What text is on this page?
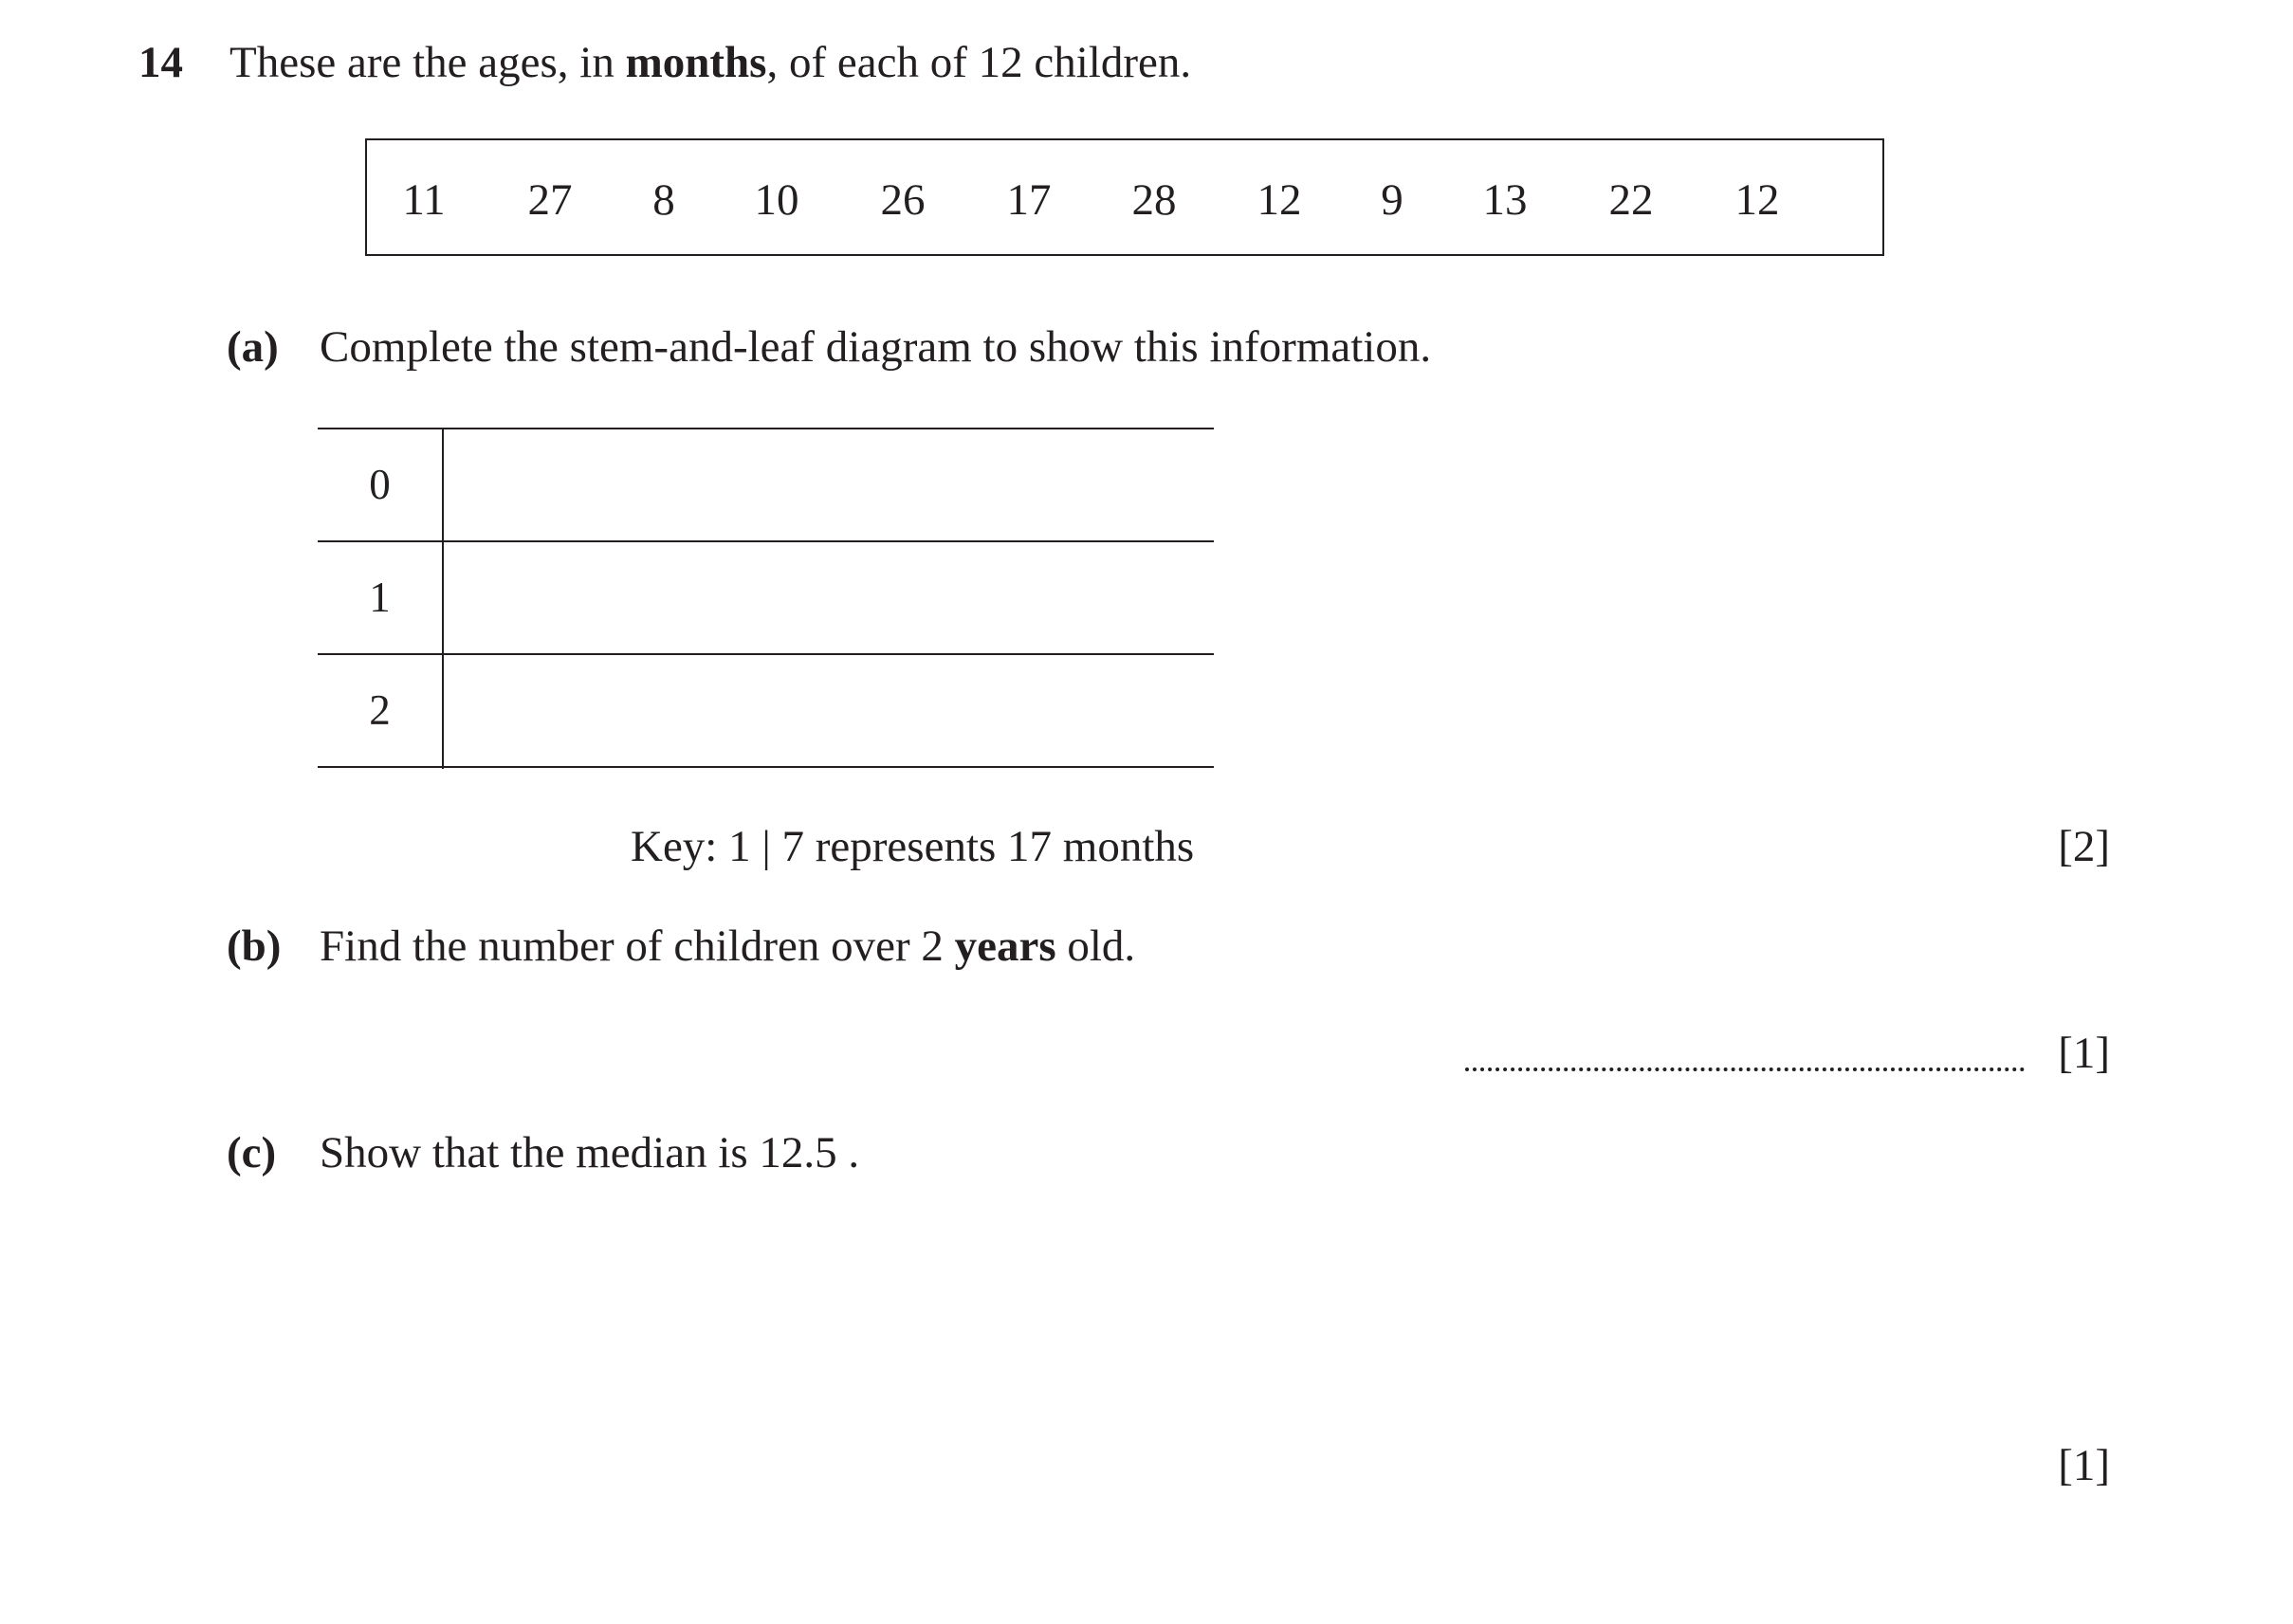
14 These are the ages, in months, of each of 12 children.
11 27 8 10 26 17 28 12 9 13 22 12
(a) Complete the stem-and-leaf diagram to show this information.
0
1
2
Key: 1 | 7 represents 17 months	[2]
(b) Find the number of children over 2 years old.
[1]
(c) Show that the median is 12.5 .
[1]
